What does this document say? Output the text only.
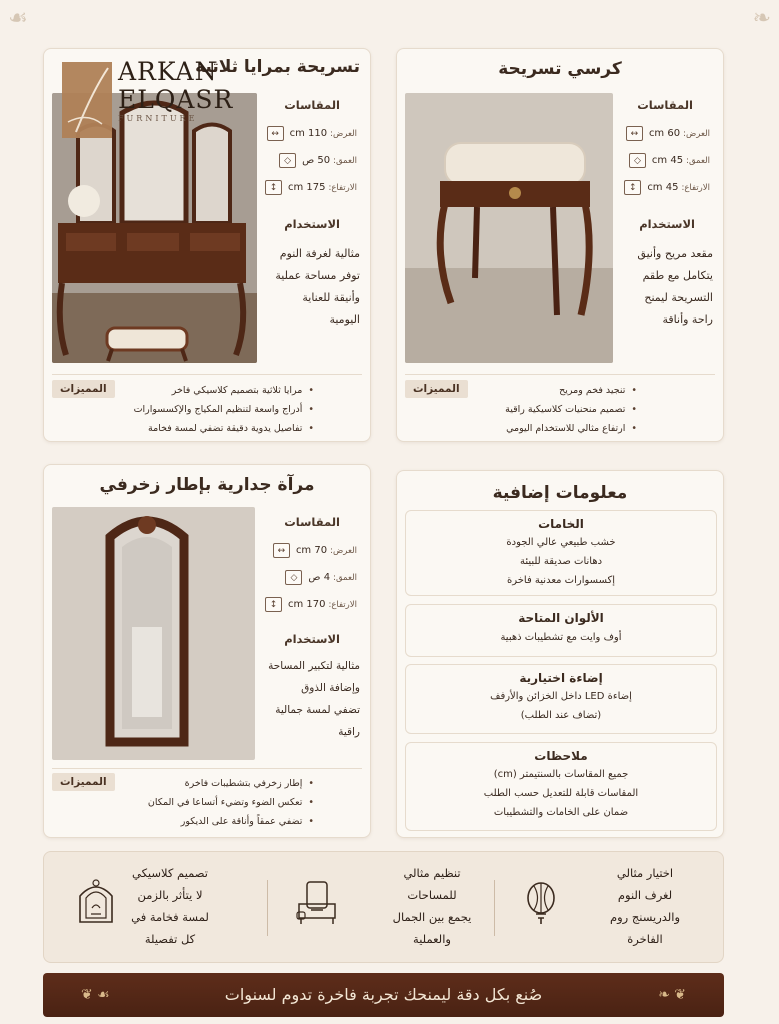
❧
☙
تسريحة بمرايا ثلاثية
المقاسات
العرض:
110 cm
↔
العمق:
50 ص
◇
الارتفاع:
175 cm
↕
الاستخدام
مثالية لغرفة النوم
توفر مساحة عملية
وأنيقة للعناية
اليومية
المميزات	• مرايا ثلاثية بتصميم كلاسيكي فاخر
• أدراج واسعة لتنظيم المكياج والإكسسوارات
• تفاصيل يدوية دقيقة تضفي لمسة فخامة
ARKAN
ELQASR
FURNITURE
كرسي تسريحة
المقاسات
العرض:
60 cm
↔
العمق:
45 cm
◇
الارتفاع:
45 cm
↕
الاستخدام
مقعد مريح وأنيق
يتكامل مع طقم
التسريحة ليمنح
راحة وأناقة
المميزات	• تنجيد فخم ومريح
• تصميم منحنيات كلاسيكية راقية
• ارتفاع مثالي للاستخدام اليومي
مرآة جدارية بإطار زخرفي
المقاسات
العرض:
70 cm
↔
العمق:
4 ص
◇
الارتفاع:
170 cm
↕
الاستخدام
مثالية لتكبير المساحة
وإضافة الذوق
تضفي لمسة جمالية
راقية
المميزات	• إطار زخرفي بتشطيبات فاخرة
• تعكس الضوء وتضيء أتساعا في المكان
• تضفي عمقاً وأناقة على الديكور
معلومات إضافية
الخامات
خشب طبيعي عالي الجودة
دهانات صديقة للبيئة
إكسسوارات معدنية فاخرة
الألوان المتاحة
أوف وايت مع تشطيبات ذهبية
إضاءة اختيارية
إضاءة LED داخل الخزائن والأرفف
(تضاف عند الطلب)
ملاحظات
جميع المقاسات بالسنتيمتر (cm)
المقاسات قابلة للتعديل حسب الطلب
ضمان على الخامات والتشطيبات
اختيار مثالي
لغرف النوم
والدريسنج روم
الفاخرة
تنظيم مثالي
للمساحات
يجمع بين الجمال
والعملية
تصميم كلاسيكي
لا يتأثر بالزمن
لمسة فخامة في
كل تفصيلة
❦ ❧
صُنع بكل دقة ليمنحك تجربة فاخرة تدوم لسنوات
☙ ❦
